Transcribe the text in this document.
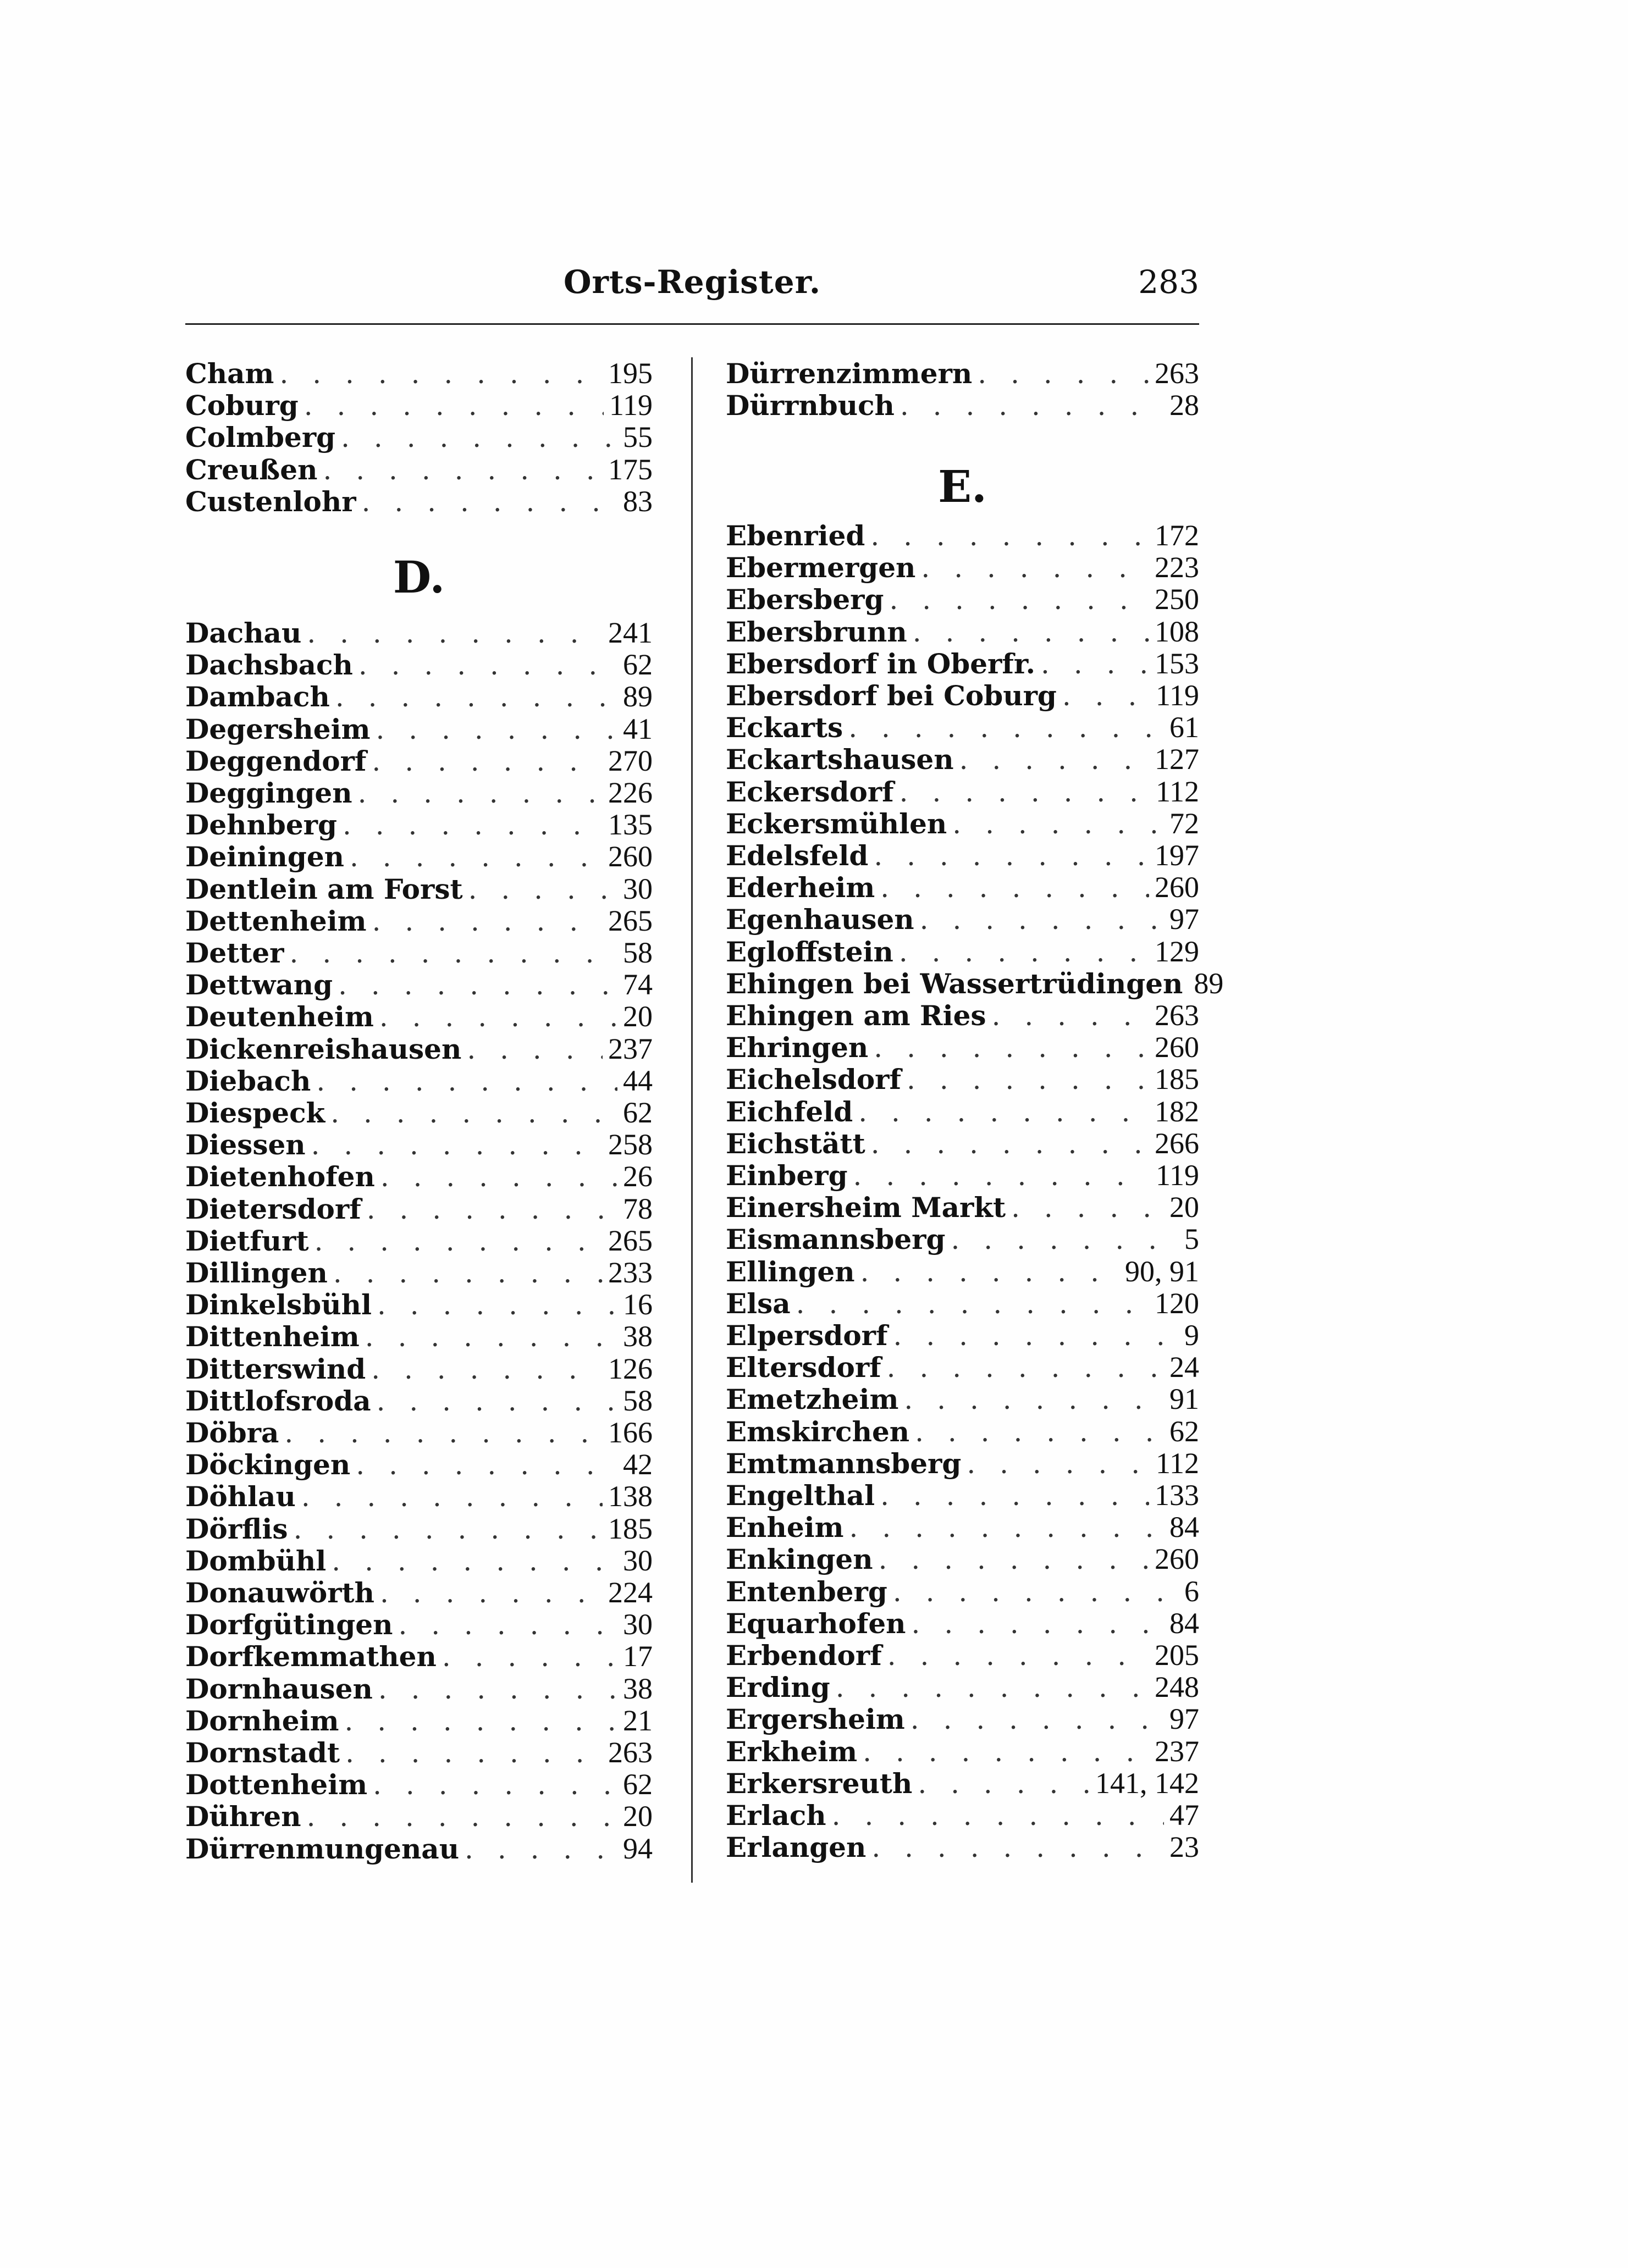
Orts-Register.	283
Cham . . .	195
Coburg . . .	119
Colmberg . . .	55
Creußen . . .	175
Custenlohr . . .	83
D.
Dachau . . .	241
Dachsbach . . .	62
Dambach . . .	89
Degersheim . . .	41
Deggendorf . . .	270
Deggingen . . .	226
Dehnberg . . .	135
Deiningen . . .	260
Dentlein am Forst . . .	30
Dettenheim . . .	265
Detter . . .	58
Dettwang . . .	74
Deutenheim . . .	20
Dickenreishausen . . .	237
Diebach . . .	44
Diespeck . . .	62
Diessen . . .	258
Dietenhofen . . .	26
Dietersdorf . . .	78
Dietfurt . . .	265
Dillingen . . .	233
Dinkelsbühl . . .	16
Dittenheim . . .	38
Ditterswind . . .	126
Dittlofsroda . . .	58
Döbra . . .	166
Döckingen . . .	42
Döhlau . . .	138
Dörflis . . .	185
Dombühl . . .	30
Donauwörth . . .	224
Dorfgütingen . . .	30
Dorfkemmathen . . .	17
Dornhausen . . .	38
Dornheim . . .	21
Dornstadt . . .	263
Dottenheim . . .	62
Dühren . . .	20
Dürrenmungenau . . .	94
Dürrenzimmern . . .	263
Dürrnbuch . . .	28
E.
Ebenried . . .	172
Ebermergen . . .	223
Ebersberg . . .	250
Ebersbrunn . . .	108
Ebersdorf in Oberfr. . . .	153
Ebersdorf bei Coburg . . .	119
Eckarts . . .	61
Eckartshausen . . .	127
Eckersdorf . . .	112
Eckersmühlen . . .	72
Edelsfeld . . .	197
Ederheim . . .	260
Egenhausen . . .	97
Egloffstein . . .	129
Ehingen bei Wassertrüdingen 89
Ehingen am Ries . . .	263
Ehringen . . .	260
Eichelsdorf . . .	185
Eichfeld . . .	182
Eichstätt . . .	266
Einberg . . .	119
Einersheim Markt . . .	20
Eismannsberg . . .	5
Ellingen . . .	90, 91
Elsa . . .	120
Elpersdorf . . .	9
Eltersdorf . . .	24
Emetzheim . . .	91
Emskirchen . . .	62
Emtmannsberg . . .	112
Engelthal . . .	133
Enheim . . .	84
Enkingen . . .	260
Entenberg . . .	6
Equarhofen . . .	84
Erbendorf . . .	205
Erding . . .	248
Ergersheim . . .	97
Erkheim . . .	237
Erkersreuth . . .	141, 142
Erlach . . .	47
Erlangen . . .	23
